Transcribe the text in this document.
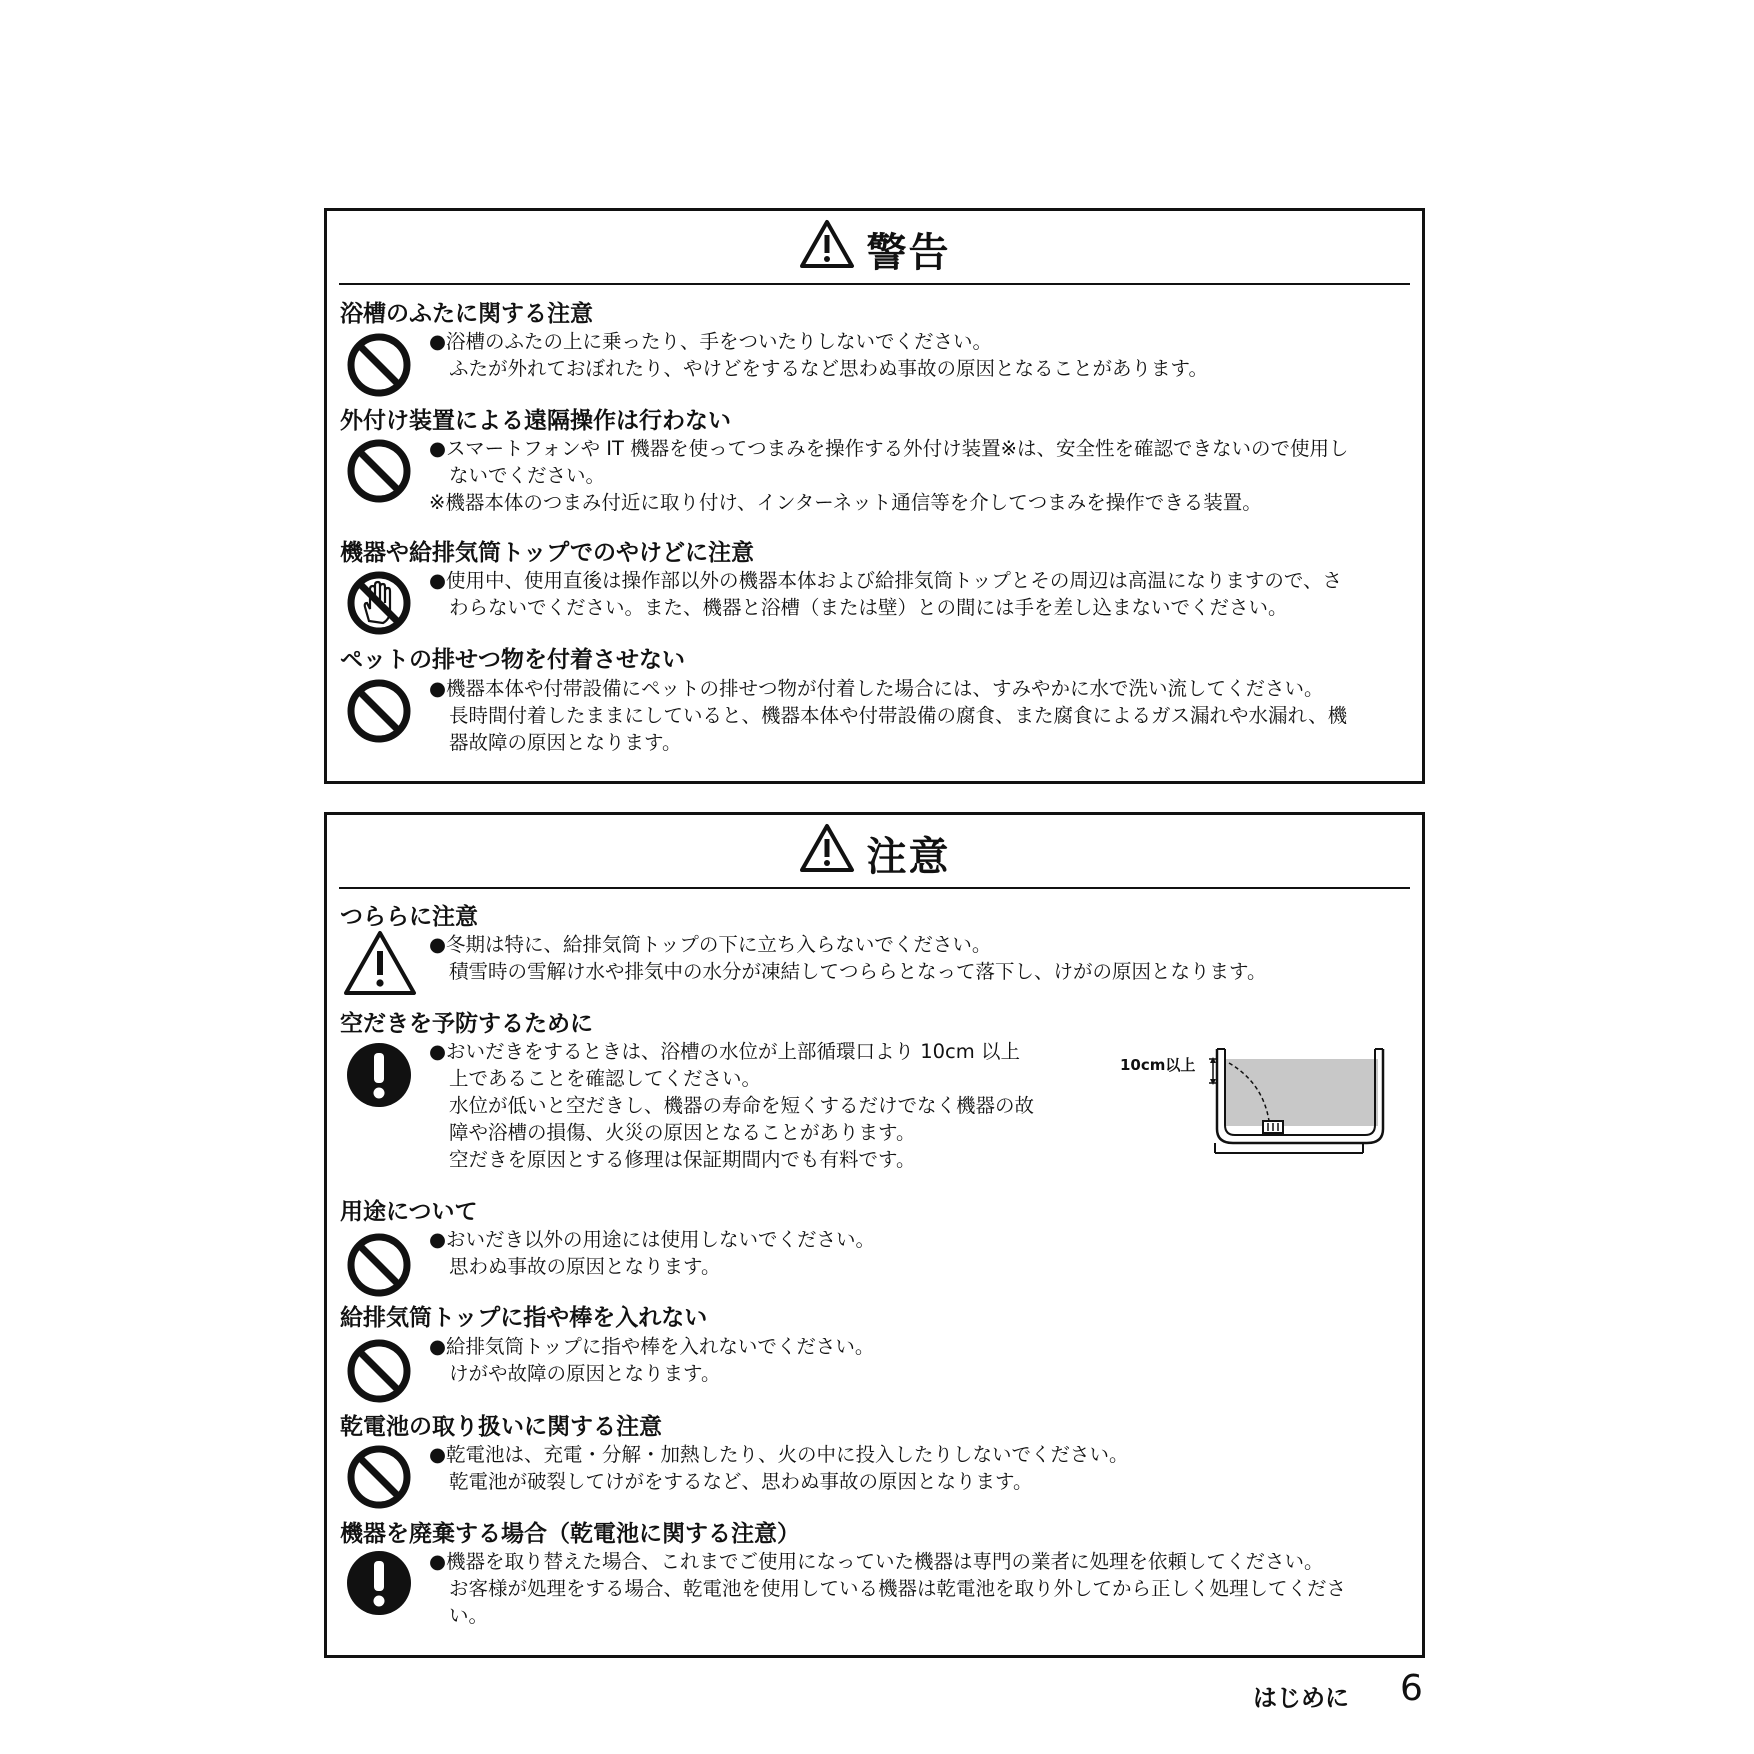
警告
浴槽のふたに関する注意
●浴槽のふたの上に乗ったり、手をついたりしないでください。
ふたが外れておぼれたり、やけどをするなど思わぬ事故の原因となることがあります。
外付け装置による遠隔操作は行わない
●スマートフォンや IT 機器を使ってつまみを操作する外付け装置※は、安全性を確認できないので使用し
ないでください。
※機器本体のつまみ付近に取り付け、インターネット通信等を介してつまみを操作できる装置。
機器や給排気筒トップでのやけどに注意
●使用中、使用直後は操作部以外の機器本体および給排気筒トップとその周辺は高温になりますので、さ
わらないでください。また、機器と浴槽（または壁）との間には手を差し込まないでください。
ペットの排せつ物を付着させない
●機器本体や付帯設備にペットの排せつ物が付着した場合には、すみやかに水で洗い流してください。
長時間付着したままにしていると、機器本体や付帯設備の腐食、また腐食によるガス漏れや水漏れ、機
器故障の原因となります。
注意
つららに注意
●冬期は特に、給排気筒トップの下に立ち入らないでください。
積雪時の雪解け水や排気中の水分が凍結してつららとなって落下し、けがの原因となります。
空だきを予防するために
●おいだきをするときは、浴槽の水位が上部循環口より 10cm 以上
上であることを確認してください。
水位が低いと空だきし、機器の寿命を短くするだけでなく機器の故
障や浴槽の損傷、火災の原因となることがあります。
空だきを原因とする修理は保証期間内でも有料です。
10cm以上
用途について
●おいだき以外の用途には使用しないでください。
思わぬ事故の原因となります。
給排気筒トップに指や棒を入れない
●給排気筒トップに指や棒を入れないでください。
けがや故障の原因となります。
乾電池の取り扱いに関する注意
●乾電池は、充電・分解・加熱したり、火の中に投入したりしないでください。
乾電池が破裂してけがをするなど、思わぬ事故の原因となります。
機器を廃棄する場合（乾電池に関する注意）
●機器を取り替えた場合、これまでご使用になっていた機器は専門の業者に処理を依頼してください。
お客様が処理をする場合、乾電池を使用している機器は乾電池を取り外してから正しく処理してくださ
い。
はじめに 6
